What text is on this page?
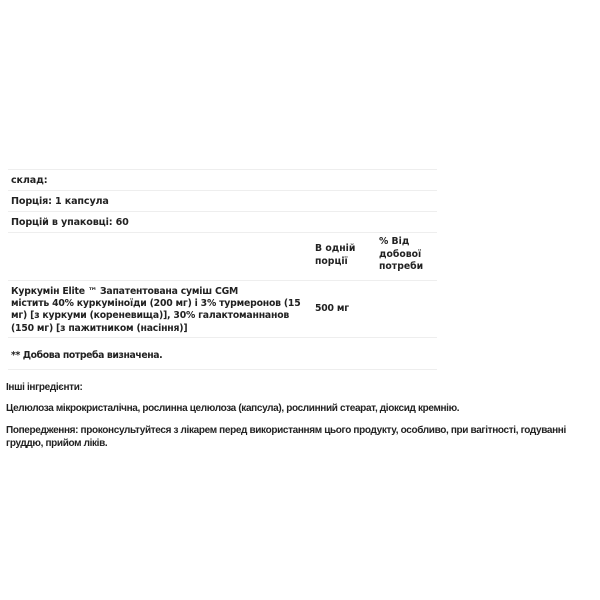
склад:
Порція: 1 капсула
Порцій в упаковці: 60
В одній порції
% Від добової потреби
Куркумін Elite ™ Запатентована суміш CGM
містить 40% куркуміноїди (200 мг) і 3% турмеронов (15 мг) [з куркуми (кореневища)], 30% галактоманнанов (150 мг) [з пажитником (насіння)]
500 мг
** Добова потреба визначена.
Інші інгредієнти:
Целюлоза мікрокристалічна, рослинна целюлоза (капсула), рослинний стеарат, діоксид кремнію.
Попередження: проконсультуйтеся з лікарем перед використанням цього продукту, особливо, при вагітності, годуванні груддю, прийом ліків.
